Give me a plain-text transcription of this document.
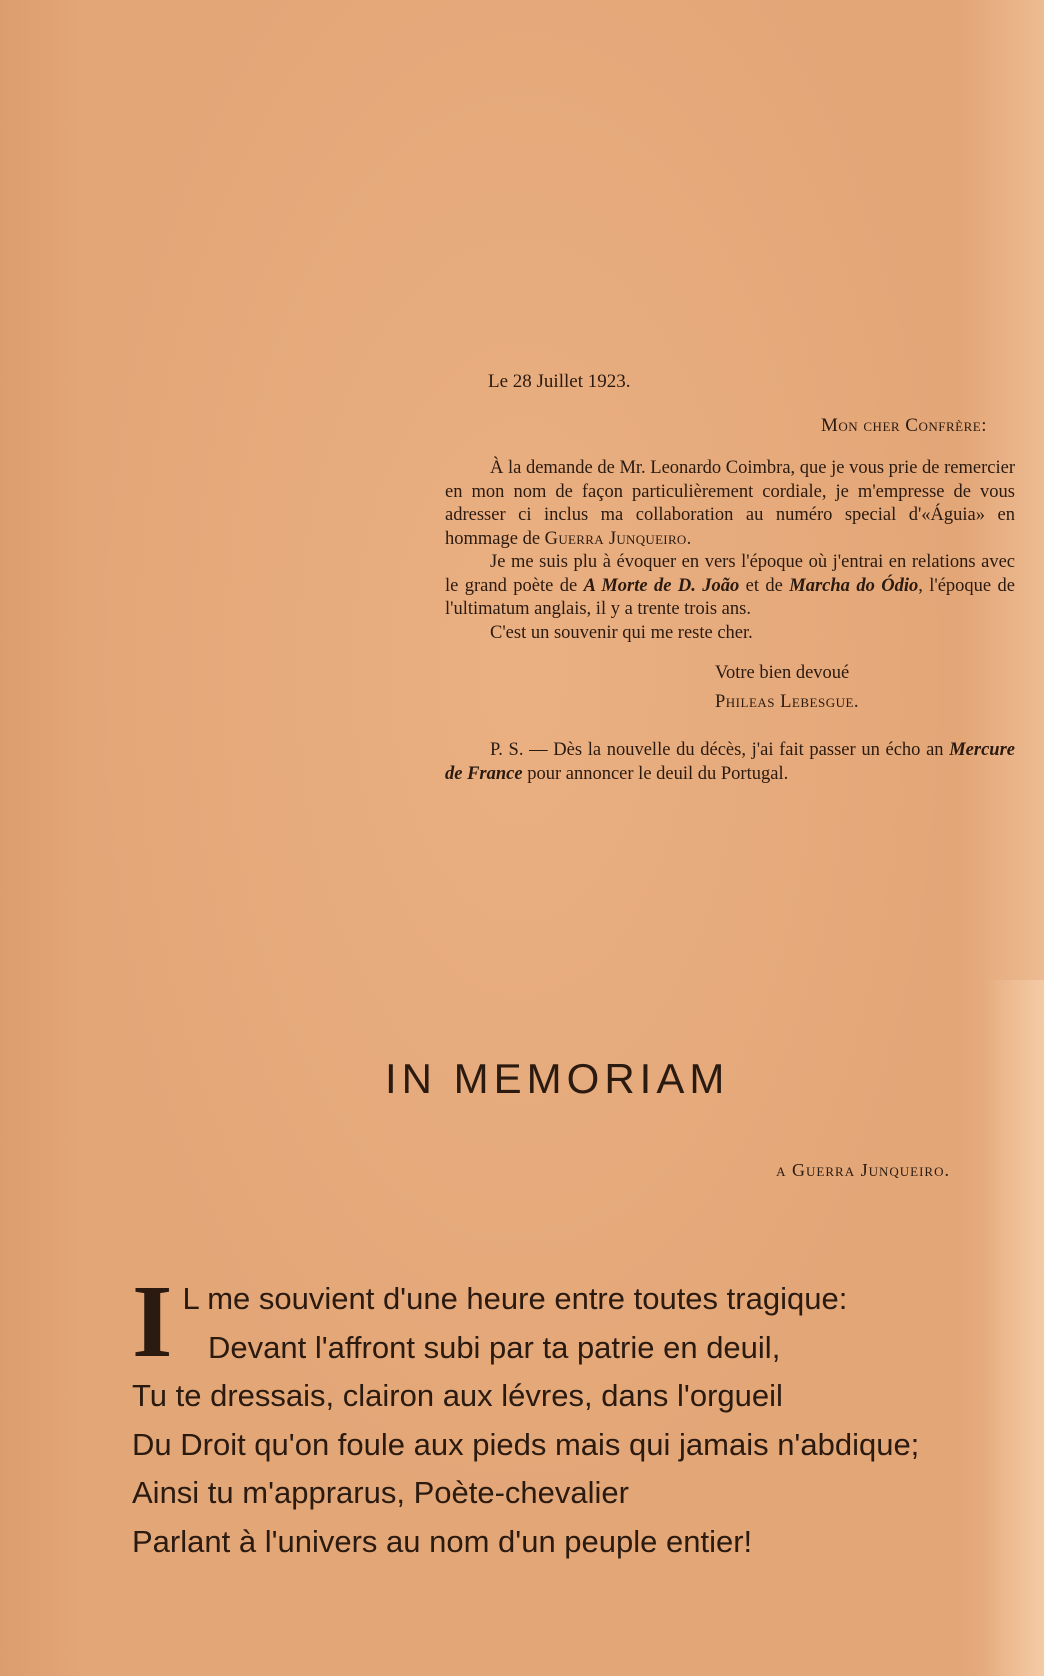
Le 28 Juillet 1923.
Mon cher Confrère:

À la demande de Mr. Leonardo Coimbra, que je vous prie de remercier en mon nom de façon particulièrement cordiale, je m'empresse de vous adresser ci inclus ma collaboration au numéro special d'«Águia» en hommage de Guerra Junqueiro.

Je me suis plu à évoquer en vers l'époque où j'entrai en relations avec le grand poète de A Morte de D. João et de Marcha do Ódio, l'époque de l'ultimatum anglais, il y a trente trois ans.

C'est un souvenir qui me reste cher.

Votre bien devoué
Phileas Lebesgue.

P. S. — Dès la nouvelle du décès, j'ai fait passer un écho an Mercure de France pour annoncer le deuil du Portugal.

IN MEMORIAM
a Guerra Junqueiro.
I L me souvient d'une heure entre toutes tragique:
Devant l'affront subi par ta patrie en deuil,
Tu te dressais, clairon aux lévres, dans l'orgueil
Du Droit qu'on foule aux pieds mais qui jamais n'abdique;
Ainsi tu m'apprarus, Poète-chevalier
Parlant à l'univers au nom d'un peuple entier!
